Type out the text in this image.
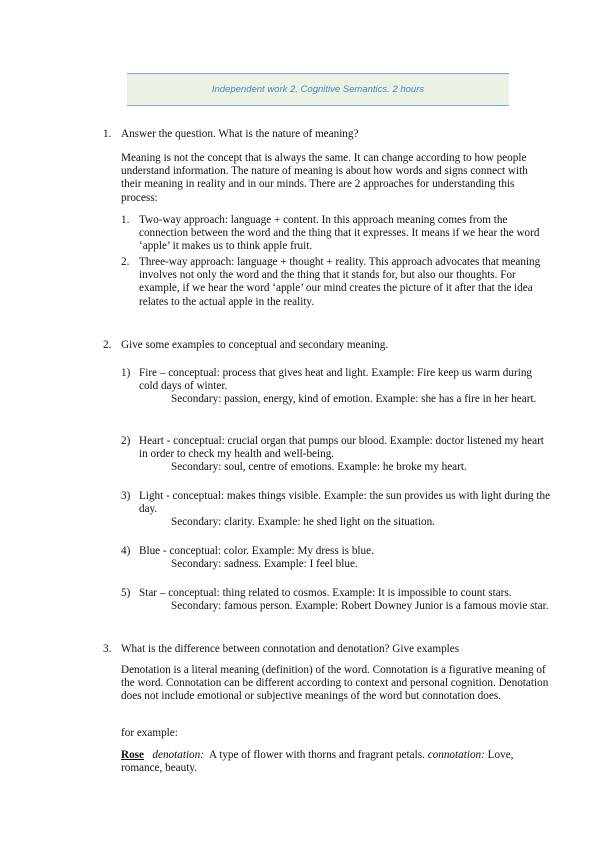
Independent work 2. Cognitive Semantics. 2 hours
1. Answer the question. What is the nature of meaning?
Meaning is not the concept that is always the same. It can change according to how people understand information. The nature of meaning is about how words and signs connect with their meaning in reality and in our minds. There are 2 approaches for understanding this process:
1. Two-way approach: language + content. In this approach meaning comes from the connection between the word and the thing that it expresses. It means if we hear the word ‘apple’ it makes us to think apple fruit.
2. Three-way approach: language + thought + reality. This approach advocates that meaning involves not only the word and the thing that it stands for, but also our thoughts. For example, if we hear the word ‘apple’ our mind creates the picture of it after that the idea relates to the actual apple in the reality.
2. Give some examples to conceptual and secondary meaning.
1) Fire – conceptual: process that gives heat and light. Example: Fire keep us warm during cold days of winter.
Secondary: passion, energy, kind of emotion. Example: she has a fire in her heart.
2) Heart - conceptual: crucial organ that pumps our blood. Example: doctor listened my heart in order to check my health and well-being.
Secondary: soul, centre of emotions. Example: he broke my heart.
3) Light - conceptual: makes things visible. Example: the sun provides us with light during the day.
Secondary: clarity. Example: he shed light on the situation.
4) Blue - conceptual: color. Example: My dress is blue.
Secondary: sadness. Example: I feel blue.
5) Star – conceptual: thing related to cosmos. Example: It is impossible to count stars.
Secondary: famous person. Example: Robert Downey Junior is a famous movie star.
3. What is the difference between connotation and denotation? Give examples
Denotation is a literal meaning (definition) of the word. Connotation is a figurative meaning of the word. Connotation can be different according to context and personal cognition. Denotation does not include emotional or subjective meanings of the word but connotation does.
for example:
Rose denotation: A type of flower with thorns and fragrant petals. connotation: Love, romance, beauty.
